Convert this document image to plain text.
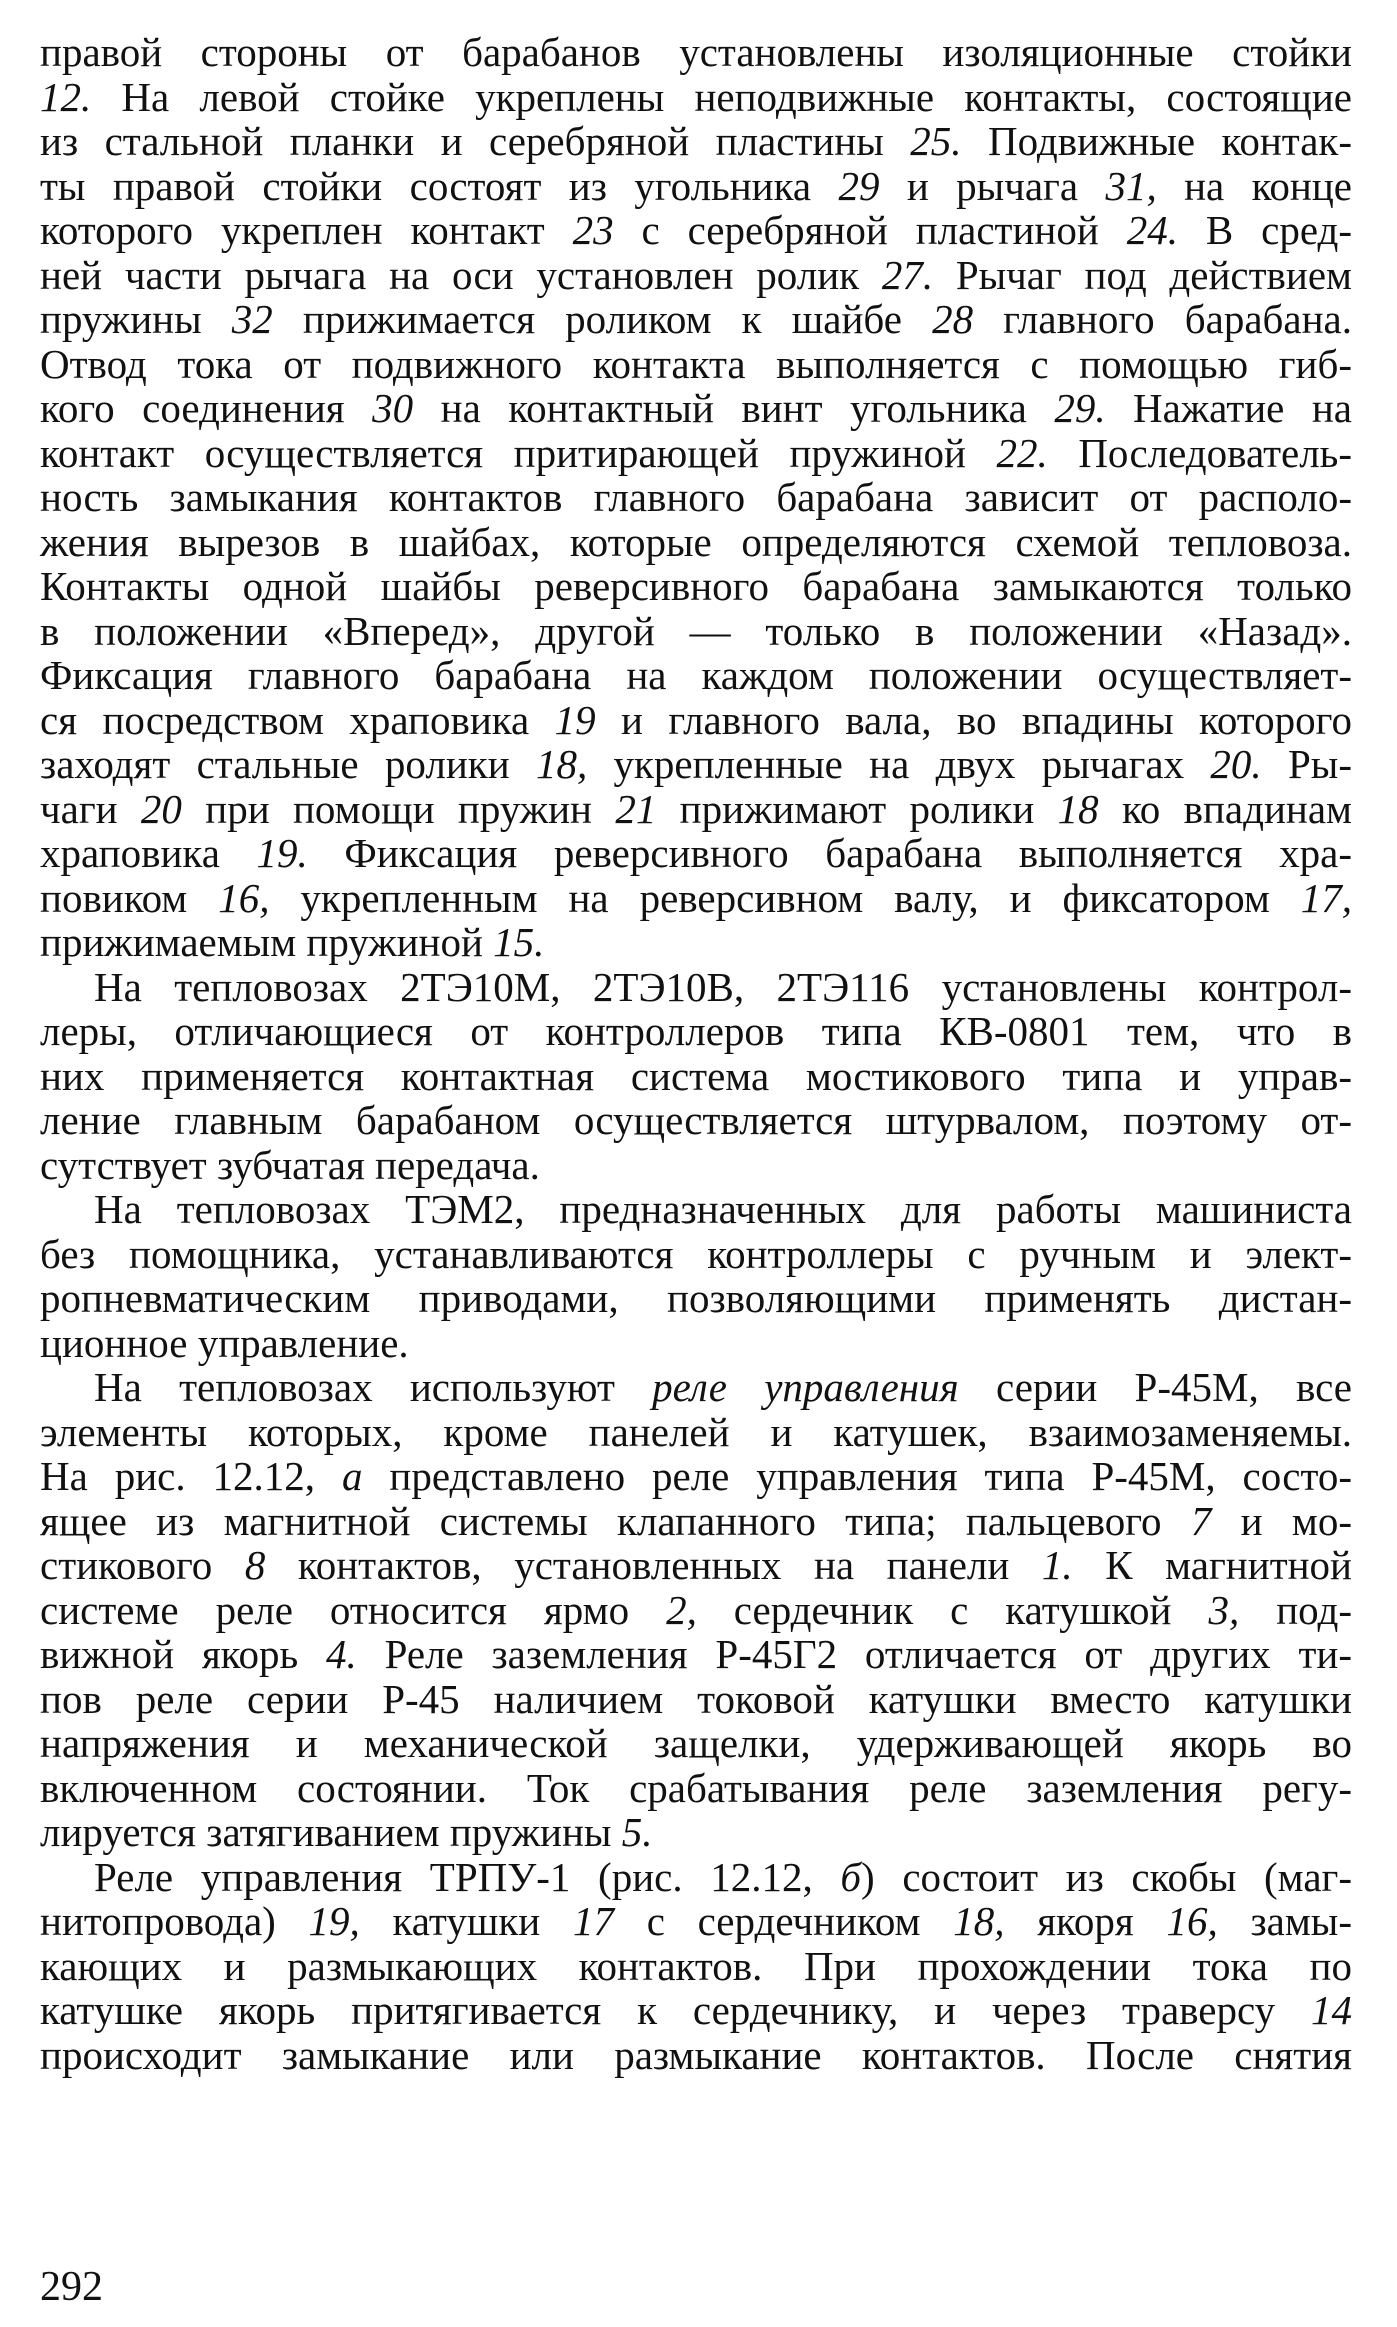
правой стороны от барабанов установлены изоляционные стойки
12. На левой стойке укреплены неподвижные контакты, состоящие
из стальной планки и серебряной пластины 25. Подвижные контак-
ты правой стойки состоят из угольника 29 и рычага 31, на конце
которого укреплен контакт 23 с серебряной пластиной 24. В сред-
ней части рычага на оси установлен ролик 27. Рычаг под действием
пружины 32 прижимается роликом к шайбе 28 главного барабана.
Отвод тока от подвижного контакта выполняется с помощью гиб-
кого соединения 30 на контактный винт угольника 29. Нажатие на
контакт осуществляется притирающей пружиной 22. Последователь-
ность замыкания контактов главного барабана зависит от располо-
жения вырезов в шайбах, которые определяются схемой тепловоза.
Контакты одной шайбы реверсивного барабана замыкаются только
в положении «Вперед», другой — только в положении «Назад».
Фиксация главного барабана на каждом положении осуществляет-
ся посредством храповика 19 и главного вала, во впадины которого
заходят стальные ролики 18, укрепленные на двух рычагах 20. Ры-
чаги 20 при помощи пружин 21 прижимают ролики 18 ко впадинам
храповика 19. Фиксация реверсивного барабана выполняется хра-
повиком 16, укрепленным на реверсивном валу, и фиксатором 17,
прижимаемым пружиной 15.
На тепловозах 2ТЭ10М, 2ТЭ10В, 2ТЭ116 установлены контрол-
леры, отличающиеся от контроллеров типа КВ-0801 тем, что в
них применяется контактная система мостикового типа и управ-
ление главным барабаном осуществляется штурвалом, поэтому от-
сутствует зубчатая передача.
На тепловозах ТЭМ2, предназначенных для работы машиниста
без помощника, устанавливаются контроллеры с ручным и элект-
ропневматическим приводами, позволяющими применять дистан-
ционное управление.
На тепловозах используют реле управления серии Р-45М, все
элементы которых, кроме панелей и катушек, взаимозаменяемы.
На рис. 12.12, а представлено реле управления типа Р-45М, состо-
ящее из магнитной системы клапанного типа; пальцевого 7 и мо-
стикового 8 контактов, установленных на панели 1. К магнитной
системе реле относится ярмо 2, сердечник с катушкой 3, под-
вижной якорь 4. Реле заземления Р-45Г2 отличается от других ти-
пов реле серии Р-45 наличием токовой катушки вместо катушки
напряжения и механической защелки, удерживающей якорь во
включенном состоянии. Ток срабатывания реле заземления регу-
лируется затягиванием пружины 5.
Реле управления ТРПУ-1 (рис. 12.12, б) состоит из скобы (маг-
нитопровода) 19, катушки 17 с сердечником 18, якоря 16, замы-
кающих и размыкающих контактов. При прохождении тока по
катушке якорь притягивается к сердечнику, и через траверсу 14
происходит замыкание или размыкание контактов. После снятия
292
